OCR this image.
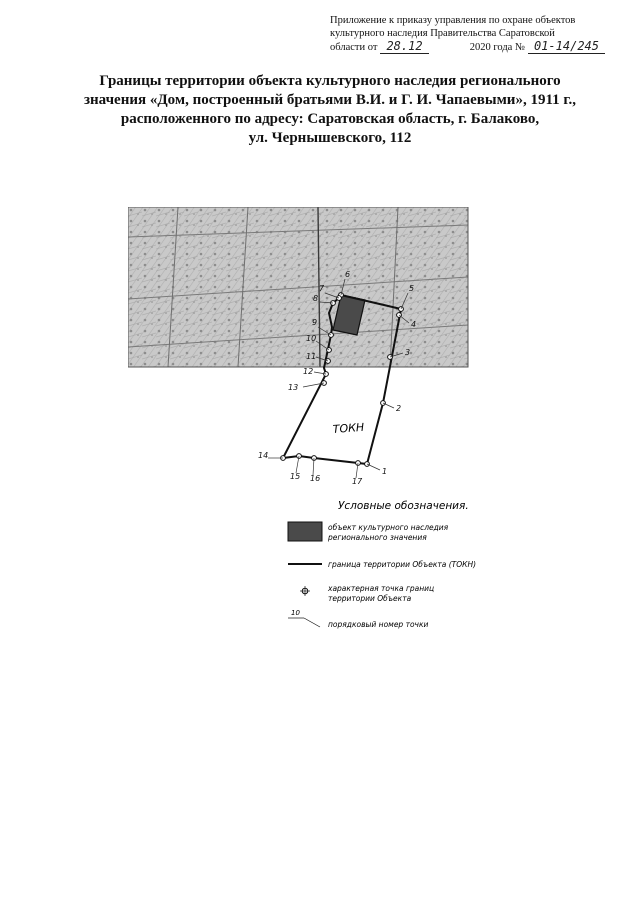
Приложение к приказу управления по охране объектов
культурного наследия Правительства Саратовской
области от 28.12	2020 года № 01-14/245
Границы территории объекта культурного наследия регионального
значения «Дом, построенный братьями В.И. и Г. И. Чапаевыми», 1911 г.,
расположенного по адресу: Саратовская область, г. Балаково,
ул. Чернышевского, 112
ТОКН
1
2
3
4
5
6
7
8
9
10
11
12
13
14
15 16	17
Условные обозначения.
объект культурного наследия
регионального значения
граница территории Объекта (ТОКН)
характерная точка границ
территории Объекта
10
порядковый номер точки
